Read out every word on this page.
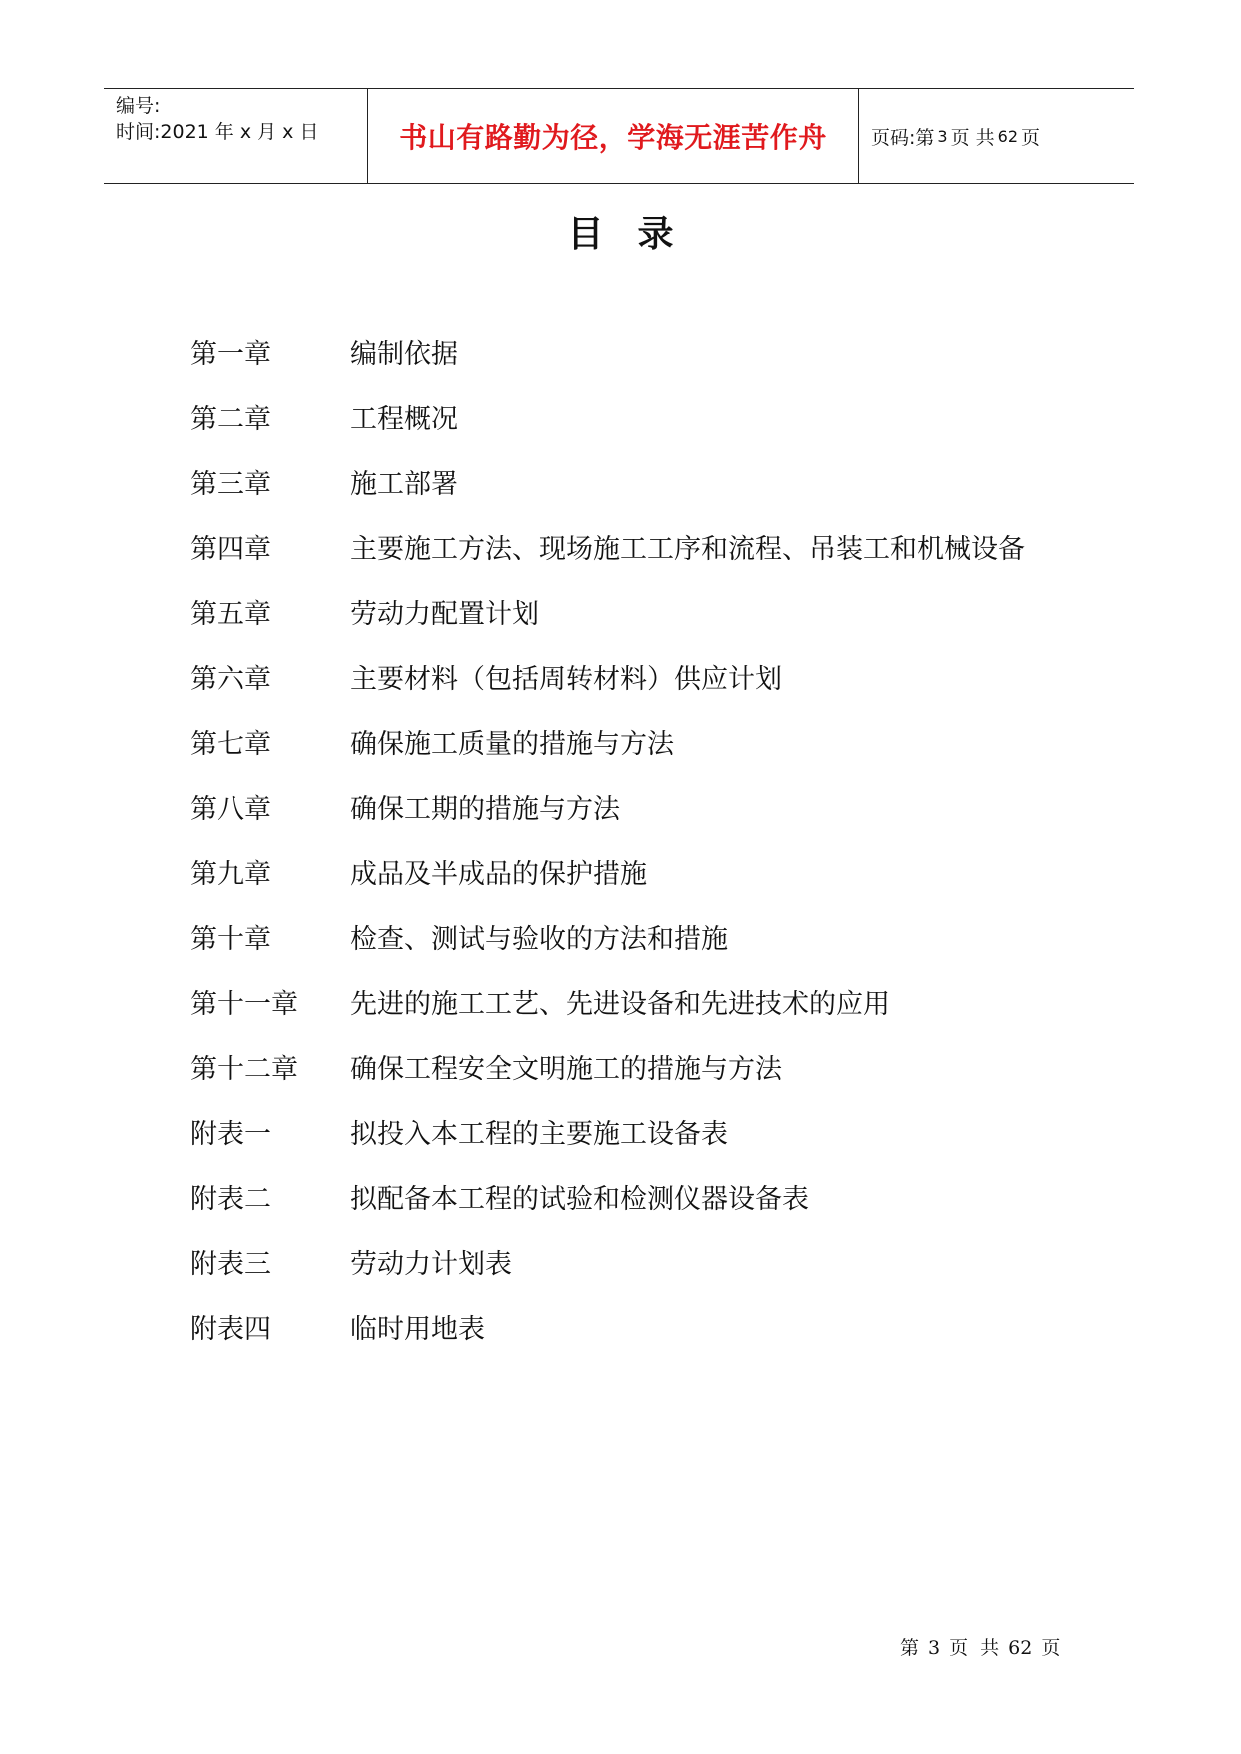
编号:
时间:2021 年 x 月 x 日	书山有路勤为径，学海无涯苦作舟 页码:第 3 页 共 62 页
目录
第一章	编制依据
第二章	工程概况
第三章	施工部署
第四章	主要施工方法、现场施工工序和流程、吊装工和机械设备
第五章	劳动力配置计划
第六章	主要材料（包括周转材料）供应计划
第七章	确保施工质量的措施与方法
第八章	确保工期的措施与方法
第九章	成品及半成品的保护措施
第十章	检查、测试与验收的方法和措施
第十一章	先进的施工工艺、先进设备和先进技术的应用
第十二章	确保工程安全文明施工的措施与方法
附表一	拟投入本工程的主要施工设备表
附表二	拟配备本工程的试验和检测仪器设备表
附表三	劳动力计划表
附表四	临时用地表
第 3 页 共 62 页
